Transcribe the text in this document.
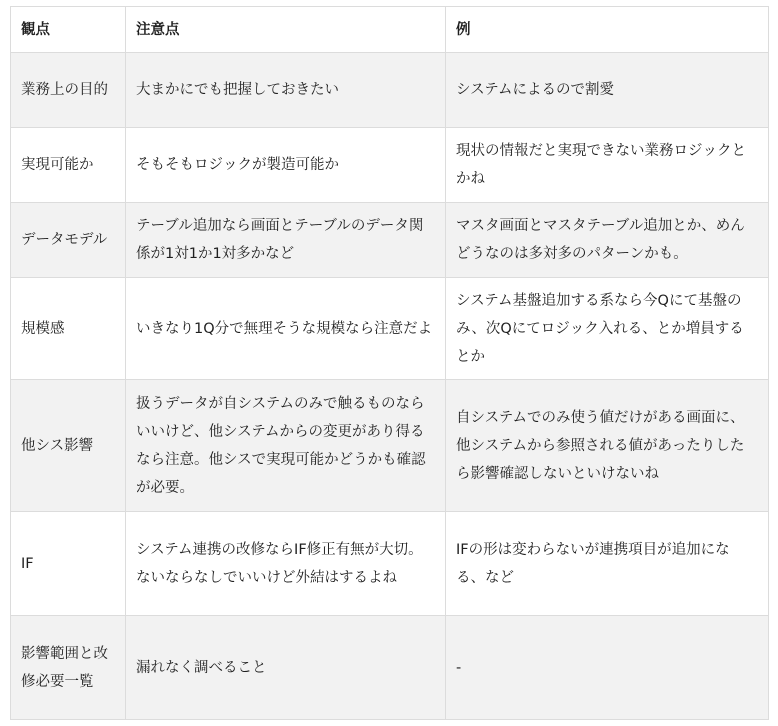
観点	注意点	例
業務上の目的	大まかにでも把握しておきたい	システムによるので割愛
実現可能か	そもそもロジックが製造可能か	現状の情報だと実現できない業務ロジックとかね
データモデル	テーブル追加なら画面とテーブルのデータ関係が1対1か1対多かなど	マスタ画面とマスタテーブル追加とか、めんどうなのは多対多のパターンかも。
規模感	いきなり1Q分で無理そうな規模なら注意だよ	システム基盤追加する系なら今Qにて基盤のみ、次Qにてロジック入れる、とか増員するとか
他シス影響	扱うデータが自システムのみで触るものならいいけど、他システムからの変更があり得るなら注意。他シスで実現可能かどうかも確認が必要。	自システムでのみ使う値だけがある画面に、他システムから参照される値があったりしたら影響確認しないといけないね
IF	システム連携の改修ならIF修正有無が大切。ないならなしでいいけど外結はするよね	IFの形は変わらないが連携項目が追加になる、など
影響範囲と改修必要一覧	漏れなく調べること	-
